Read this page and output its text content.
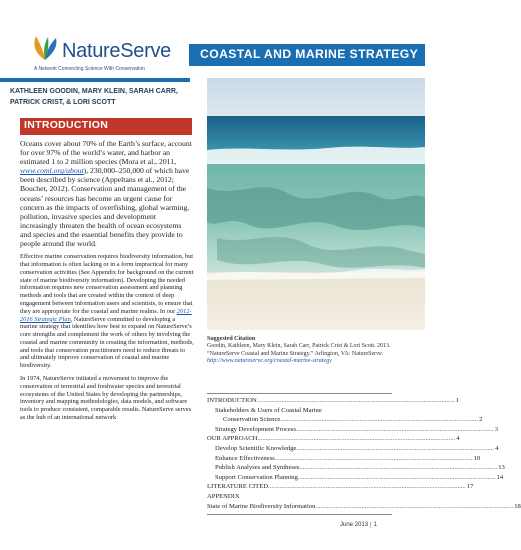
NatureServe
A Network Connecting Science With Conservation
COASTAL AND MARINE STRATEGY
KATHLEEN GOODIN, MARY KLEIN, SARAH CARR,
PATRICK CRIST, & LORI SCOTT
INTRODUCTION

Oceans cover about 70% of the Earth’s surface, account for over 97% of the world’s water, and harbor an estimated 1 to 2 million species (Mora et al., 2011, www.coml.org/about), 230,000–250,000 of which have been described by science (Appeltans et al., 2012; Bouchet, 2012). Conservation and management of the oceans’ resources has become an urgent cause for concern as the impacts of overfishing, global warming, pollution, invasive species and development increasingly threaten the health of ocean ecosystems and species and the essential benefits they provide to people around the world.

Effective marine conservation requires biodiversity information, but that information is often lacking or in a form impractical for many conservation activities (See Appendix for background on the current state of marine biodiversity information). Developing the needed information requires new conservation assessment and planning methods and tools that are created within the context of deep engagement between information users and scientists, to ensure that they are appropriate for the coastal and marine realms. In our 2012-2016 Strategic Plan, NatureServe committed to developing a marine strategy that identifies how best to expand on NatureServe’s core strengths and complement the work of others by involving the coastal and marine community in creating the information, methods, and tools that conservation practitioners need to reduce threats to and ultimately improve conservation of coastal and marine biodiversity.

In 1974, NatureServe initiated a movement to improve the conservation of terrestrial and freshwater species and terrestrial ecosystems of the United States by developing the partnerships, inventory and mapping methodologies, data models, and software tools to produce consistent, comparable results. NatureServe serves as the hub of an international network

Suggested Citation
Goodin, Kathleen, Mary Klein, Sarah Carr, Patrick Crist & Lori Scott. 2013. “NatureServe Coastal and Marine Strategy.” Arlington, VA: NatureServe.
http://www.natureserve.org/coastal-marine-strategy
INTRODUCTION ........................................................................................................................ 1
Stakeholders & Users of Coastal Marine
Conservation Science ........................................................................................................................ 2
Strategy Development Process ........................................................................................................................ 3
OUR APPROACH ........................................................................................................................ 4
Develop Scientific Knowledge ........................................................................................................................ 4
Enhance Effectiveness ........................................................................................................................ 10
Publish Analyses and Syntheses ........................................................................................................................ 13
Support Conservation Planning ........................................................................................................................ 14
LITERATURE CITED ........................................................................................................................ 17
APPENDIX
State of Marine Biodiversity Information ........................................................................................................................ 18
June 2013 | 1
